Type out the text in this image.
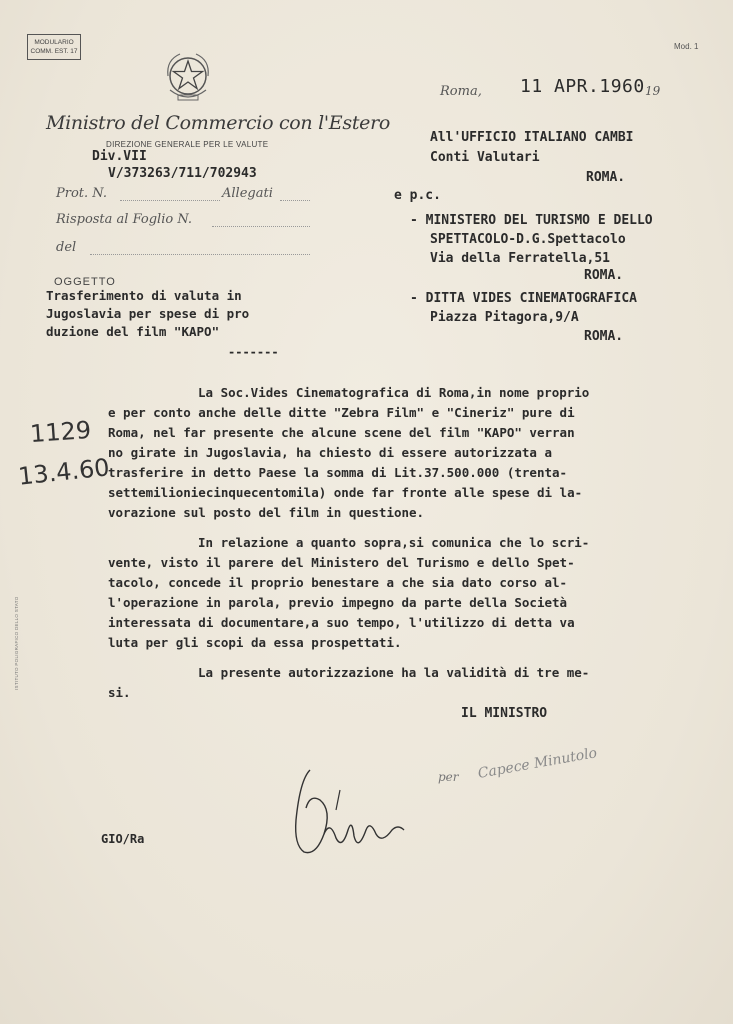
MODULARIO
COMM. EST. 17
Mod. 1
Ministro del Commercio con l'Estero
DIREZIONE GENERALE PER LE VALUTE
Div.VII
V/373263/711/702943
Prot. N.	Allegati
Risposta al Foglio N.
del
OGGETTO
Trasferimento di valuta in
Jugoslavia per spese di pro
duzione del film "KAPO"
-------
Roma, 11 APR.1960 19
All'UFFICIO ITALIANO CAMBI
Conti Valutari
ROMA.
e p.c.
- MINISTERO DEL TURISMO E DELLO
SPETTACOLO-D.G.Spettacolo
Via della Ferratella,51
ROMA.
- DITTA VIDES CINEMATOGRAFICA
Piazza Pitagora,9/A
ROMA.
La Soc.Vides Cinematografica di Roma,in nome proprio
e per conto anche delle ditte "Zebra Film" e "Cineriz" pure di
Roma, nel far presente che alcune scene del film "KAPO" verran
no girate in Jugoslavia, ha chiesto di essere autorizzata a
trasferire in detto Paese la somma di Lit.37.500.000 (trenta-
settemilioniecinquecentomila) onde far fronte alle spese di la-
vorazione sul posto del film in questione.
In relazione a quanto sopra,si comunica che lo scri-
vente, visto il parere del Ministero del Turismo e dello Spet-
tacolo, concede il proprio benestare a che sia dato corso al-
l'operazione in parola, previo impegno da parte della Società
interessata di documentare,a suo tempo, l'utilizzo di detta va
luta per gli scopi da essa prospettati.
La presente autorizzazione ha la validità di tre me-
si.
1129
13.4.60
IL MINISTRO
per Capece Minutolo
GIO/Ra
ISTITUTO POLIGRAFICO DELLO STATO
